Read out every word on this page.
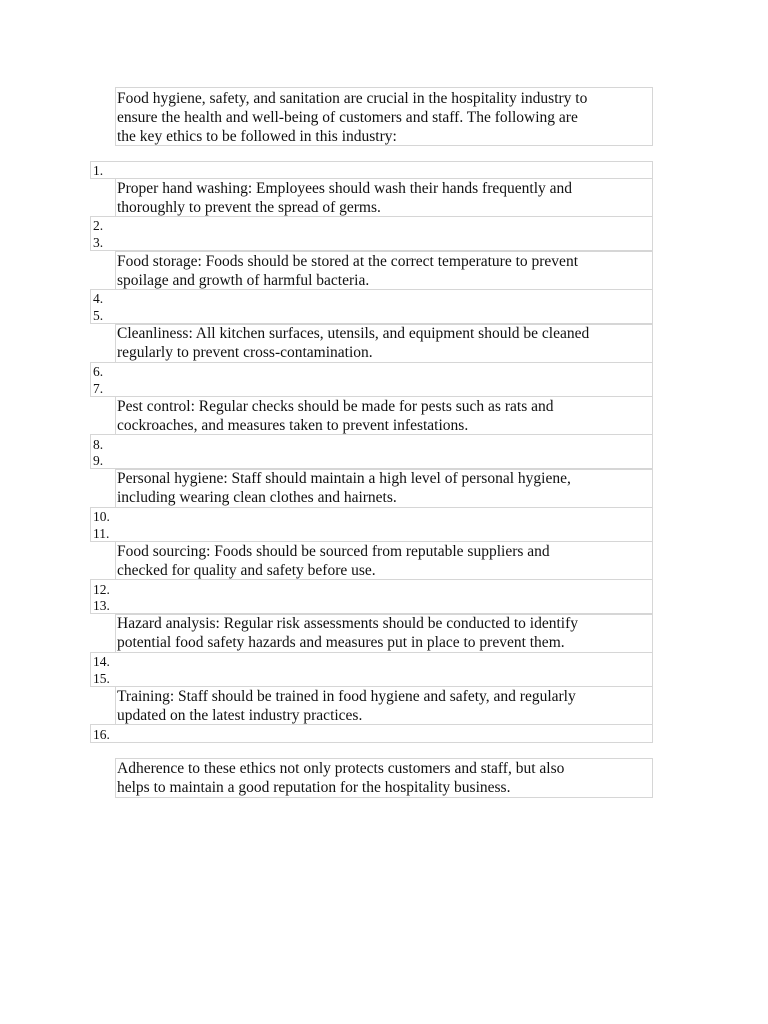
Food hygiene, safety, and sanitation are crucial in the hospitality industry to
ensure the health and well-being of customers and staff. The following are
the key ethics to be followed in this industry:
1.
Proper hand washing: Employees should wash their hands frequently and
thoroughly to prevent the spread of germs.
2.
3.
Food storage: Foods should be stored at the correct temperature to prevent
spoilage and growth of harmful bacteria.
4.
5.
Cleanliness: All kitchen surfaces, utensils, and equipment should be cleaned
regularly to prevent cross-contamination.
6.
7.
Pest control: Regular checks should be made for pests such as rats and
cockroaches, and measures taken to prevent infestations.
8.
9.
Personal hygiene: Staff should maintain a high level of personal hygiene,
including wearing clean clothes and hairnets.
10.
11.
Food sourcing: Foods should be sourced from reputable suppliers and
checked for quality and safety before use.
12.
13.
Hazard analysis: Regular risk assessments should be conducted to identify
potential food safety hazards and measures put in place to prevent them.
14.
15.
Training: Staff should be trained in food hygiene and safety, and regularly
updated on the latest industry practices.
16.
Adherence to these ethics not only protects customers and staff, but also
helps to maintain a good reputation for the hospitality business.
